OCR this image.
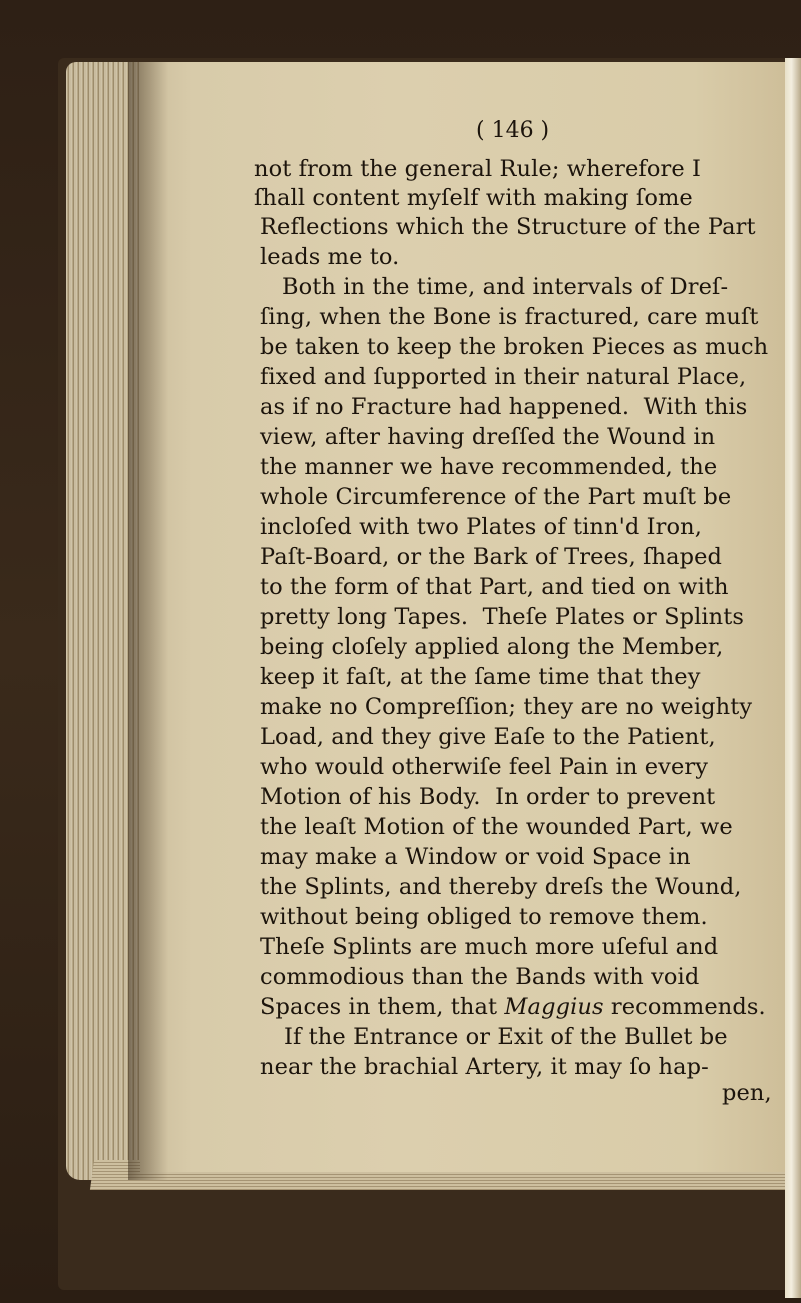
( 146 )
not from the general Rule; wherefore I
ſhall content myſelf with making ſome
Reflections which the Structure of the Part
leads me to.
Both in the time, and intervals of Dreſ-
ſing, when the Bone is fractured, care muſt
be taken to keep the broken Pieces as much
fixed and ſupported in their natural Place,
as if no Fracture had happened.  With this
view, after having dreſſed the Wound in
the manner we have recommended, the
whole Circumference of the Part muſt be
incloſed with two Plates of tinn'd Iron,
Paſt-Board, or the Bark of Trees, ſhaped
to the form of that Part, and tied on with
pretty long Tapes.  Theſe Plates or Splints
being cloſely applied along the Member,
keep it faſt, at the ſame time that they
make no Compreſſion; they are no weighty
Load, and they give Eaſe to the Patient,
who would otherwiſe feel Pain in every
Motion of his Body.  In order to prevent
the leaſt Motion of the wounded Part, we
may make a Window or void Space in
the Splints, and thereby dreſs the Wound,
without being obliged to remove them.
Theſe Splints are much more uſeful and
commodious than the Bands with void
Spaces in them, that Maggius recommends.
If the Entrance or Exit of the Bullet be
near the brachial Artery, it may ſo hap-
pen,
